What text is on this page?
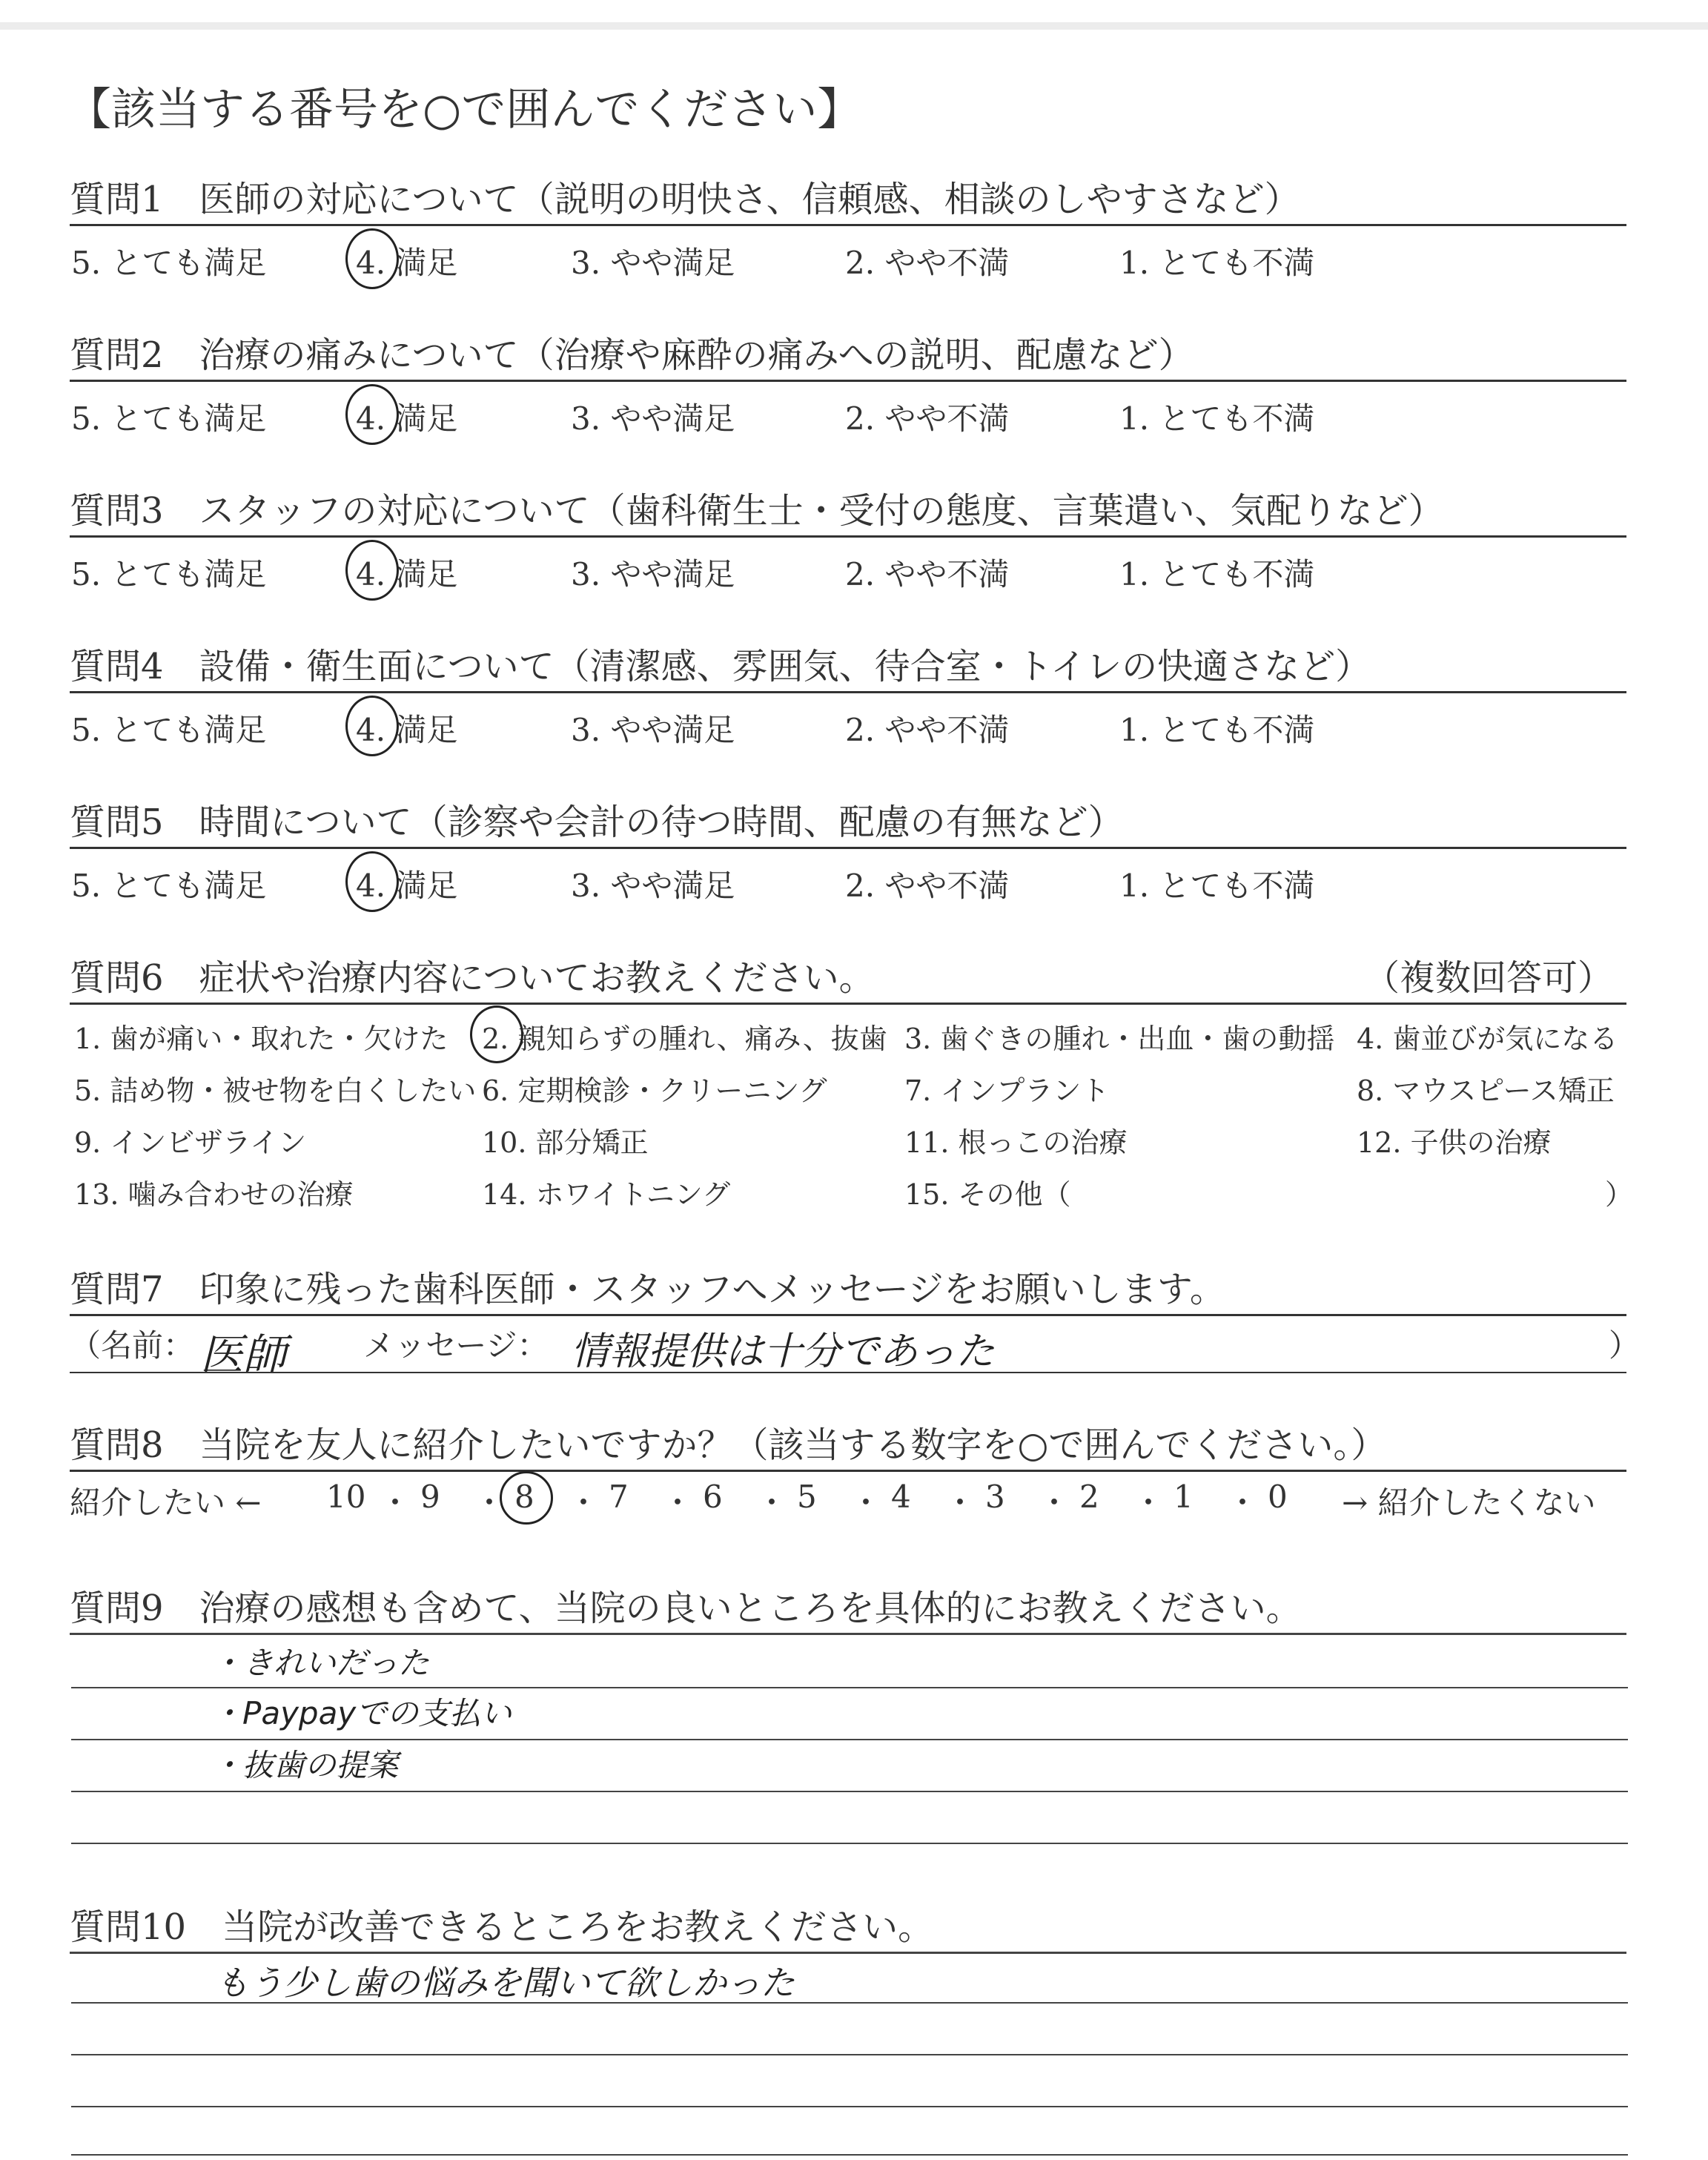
【該当する番号を○で囲んでください】
質問1　医師の対応について（説明の明快さ、信頼感、相談のしやすさなど）
5. とても満足	4. 満足	3. やや満足	2. やや不満	1. とても不満
質問2　治療の痛みについて（治療や麻酔の痛みへの説明、配慮など）
5. とても満足	4. 満足	3. やや満足	2. やや不満	1. とても不満
質問3　スタッフの対応について（歯科衛生士・受付の態度、言葉遣い、気配りなど）
5. とても満足	4. 満足	3. やや満足	2. やや不満	1. とても不満
質問4　設備・衛生面について（清潔感、雰囲気、待合室・トイレの快適さなど）
5. とても満足	4. 満足	3. やや満足	2. やや不満	1. とても不満
質問5　時間について（診察や会計の待つ時間、配慮の有無など）
5. とても満足	4. 満足	3. やや満足	2. やや不満	1. とても不満
質問6　症状や治療内容についてお教えください。	（複数回答可）
1. 歯が痛い・取れた・欠けた 2. 親知らずの腫れ、痛み、抜歯 3. 歯ぐきの腫れ・出血・歯の動揺 4. 歯並びが気になる
5. 詰め物・被せ物を白くしたい 6. 定期検診・クリーニング	7. インプラント	8. マウスピース矯正
9. インビザライン	10. 部分矯正	11. 根っこの治療	12. 子供の治療
13. 噛み合わせの治療	14. ホワイトニング	15. その他（	）
質問7　印象に残った歯科医師・スタッフへメッセージをお願いします。
（名前： 医師 メッセージ： 情報提供は十分であった	）
質問8　当院を友人に紹介したいですか？（該当する数字を○で囲んでください。）
紹介したい ← 10 ・ 9 ・ 8 ・ 7 ・ 6 ・ 5 ・ 4 ・ 3 ・ 2 ・ 1 ・ 0 → 紹介したくない
質問9　治療の感想も含めて、当院の良いところを具体的にお教えください。
・きれいだった
・Paypayでの支払い
・抜歯の提案
質問10　当院が改善できるところをお教えください。
もう少し歯の悩みを聞いて欲しかった
